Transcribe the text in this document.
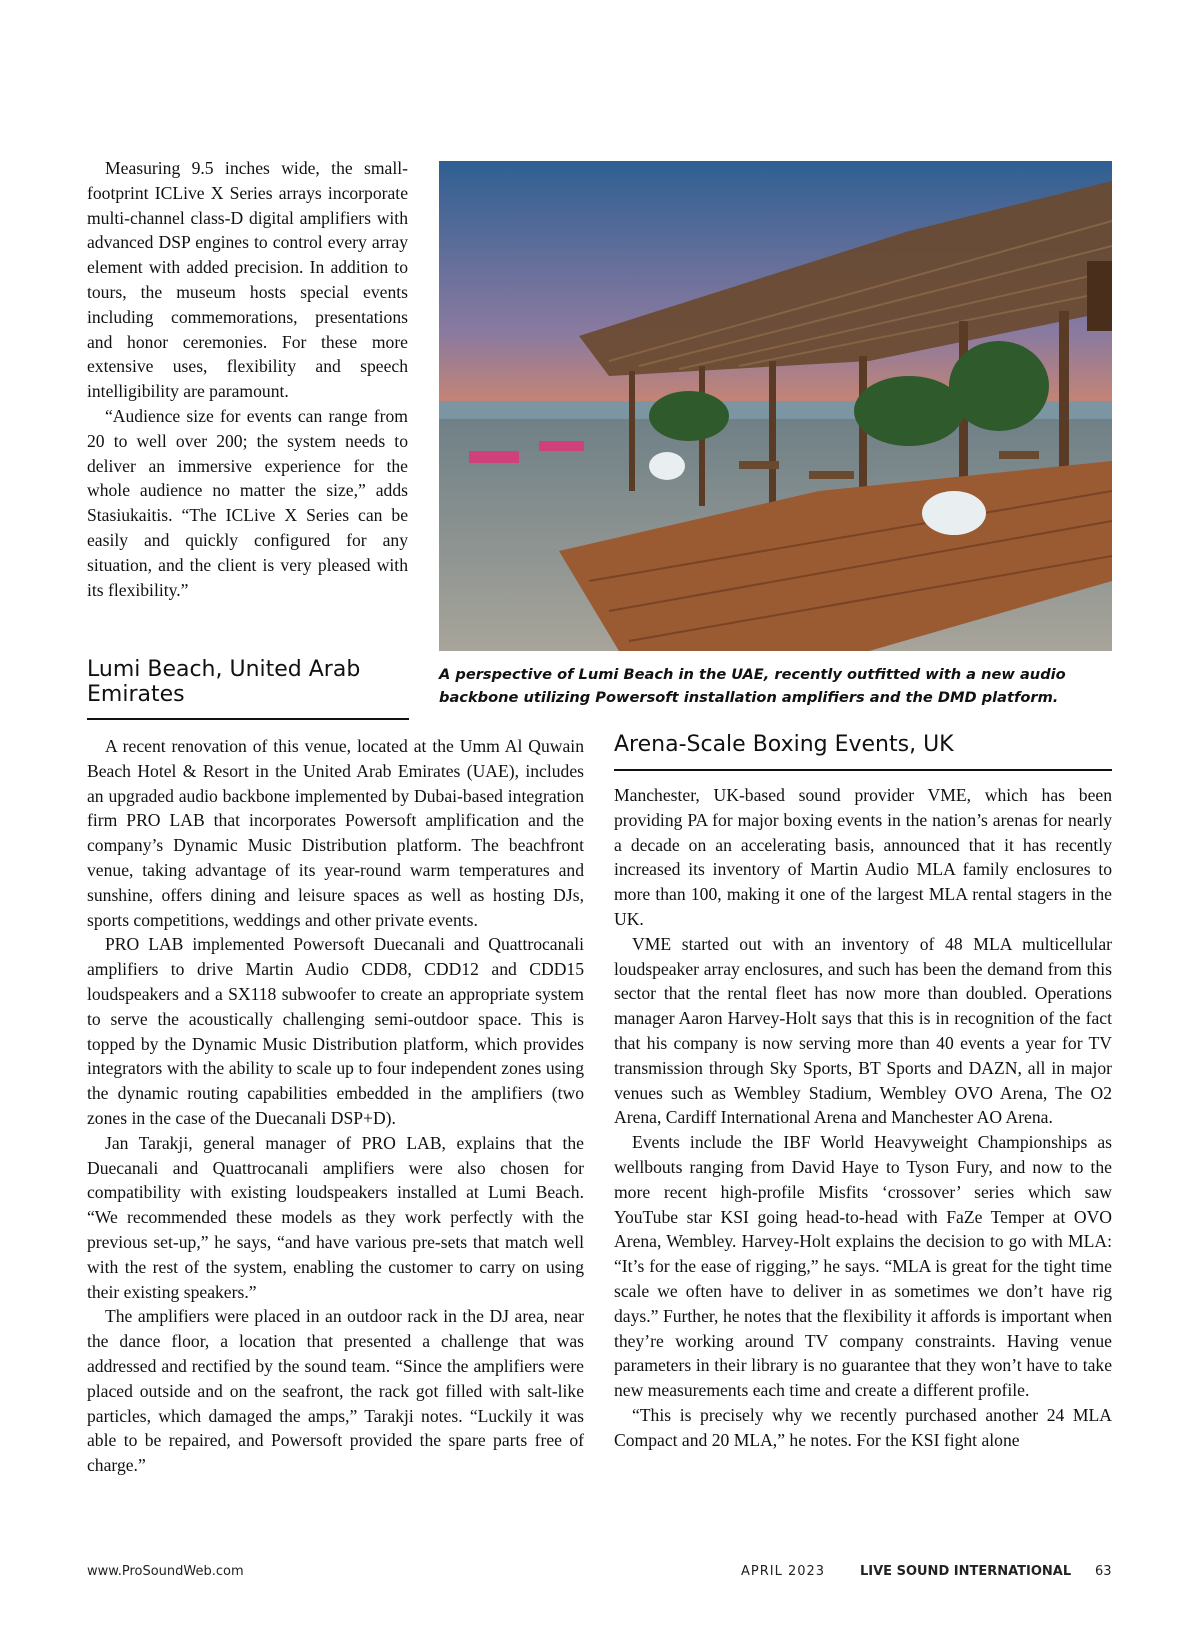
Measuring 9.5 inches wide, the small-footprint ICLive X Series arrays incorporate multi-channel class-D digital amplifiers with advanced DSP engines to control every array element with added precision. In addition to tours, the museum hosts special events including commemorations, presentations and honor ceremonies. For these more extensive uses, flexibility and speech intelligibility are paramount.

“Audience size for events can range from 20 to well over 200; the system needs to deliver an immersive experience for the whole audience no matter the size,” adds Stasiukaitis. “The ICLive X Series can be easily and quickly configured for any situation, and the client is very pleased with its flexibility.”

A perspective of Lumi Beach in the UAE, recently outfitted with a new audio backbone utilizing Powersoft installation amplifiers and the DMD platform.
Lumi Beach, United Arab Emirates

A recent renovation of this venue, located at the Umm Al Quwain Beach Hotel & Resort in the United Arab Emirates (UAE), includes an upgraded audio backbone implemented by Dubai-based integration firm PRO LAB that incorporates Powersoft amplification and the company’s Dynamic Music Distribution platform. The beachfront venue, taking advantage of its year-round warm temperatures and sunshine, offers dining and leisure spaces as well as hosting DJs, sports competitions, weddings and other private events.

PRO LAB implemented Powersoft Duecanali and Quattrocanali amplifiers to drive Martin Audio CDD8, CDD12 and CDD15 loudspeakers and a SX118 subwoofer to create an appropriate system to serve the acoustically challenging semi-outdoor space. This is topped by the Dynamic Music Distribution platform, which provides integrators with the ability to scale up to four independent zones using the dynamic routing capabilities embedded in the amplifiers (two zones in the case of the Duecanali DSP+D).

Jan Tarakji, general manager of PRO LAB, explains that the Duecanali and Quattrocanali amplifiers were also chosen for compatibility with existing loudspeakers installed at Lumi Beach. “We recommended these models as they work perfectly with the previous set-up,” he says, “and have various pre-sets that match well with the rest of the system, enabling the customer to carry on using their existing speakers.”

The amplifiers were placed in an outdoor rack in the DJ area, near the dance floor, a location that presented a challenge that was addressed and rectified by the sound team. “Since the amplifiers were placed outside and on the seafront, the rack got filled with salt-like particles, which damaged the amps,” Tarakji notes. “Luckily it was able to be repaired, and Powersoft provided the spare parts free of charge.”

Arena-Scale Boxing Events, UK

Manchester, UK-based sound provider VME, which has been providing PA for major boxing events in the nation’s arenas for nearly a decade on an accelerating basis, announced that it has recently increased its inventory of Martin Audio MLA family enclosures to more than 100, making it one of the largest MLA rental stagers in the UK.

VME started out with an inventory of 48 MLA multicellular loudspeaker array enclosures, and such has been the demand from this sector that the rental fleet has now more than doubled. Operations manager Aaron Harvey-Holt says that this is in recognition of the fact that his company is now serving more than 40 events a year for TV transmission through Sky Sports, BT Sports and DAZN, all in major venues such as Wembley Stadium, Wembley OVO Arena, The O2 Arena, Cardiff International Arena and Manchester AO Arena.

Events include the IBF World Heavyweight Championships as wellbouts ranging from David Haye to Tyson Fury, and now to the more recent high-profile Misfits ‘crossover’ series which saw YouTube star KSI going head-to-head with FaZe Temper at OVO Arena, Wembley. Harvey-Holt explains the decision to go with MLA: “It’s for the ease of rigging,” he says. “MLA is great for the tight time scale we often have to deliver in as sometimes we don’t have rig days.” Further, he notes that the flexibility it affords is important when they’re working around TV company constraints. Having venue parameters in their library is no guarantee that they won’t have to take new measurements each time and create a different profile.

“This is precisely why we recently purchased another 24 MLA Compact and 20 MLA,” he notes. For the KSI fight alone

www.ProSoundWeb.com	APRIL 2023	LIVE SOUND INTERNATIONAL 63
